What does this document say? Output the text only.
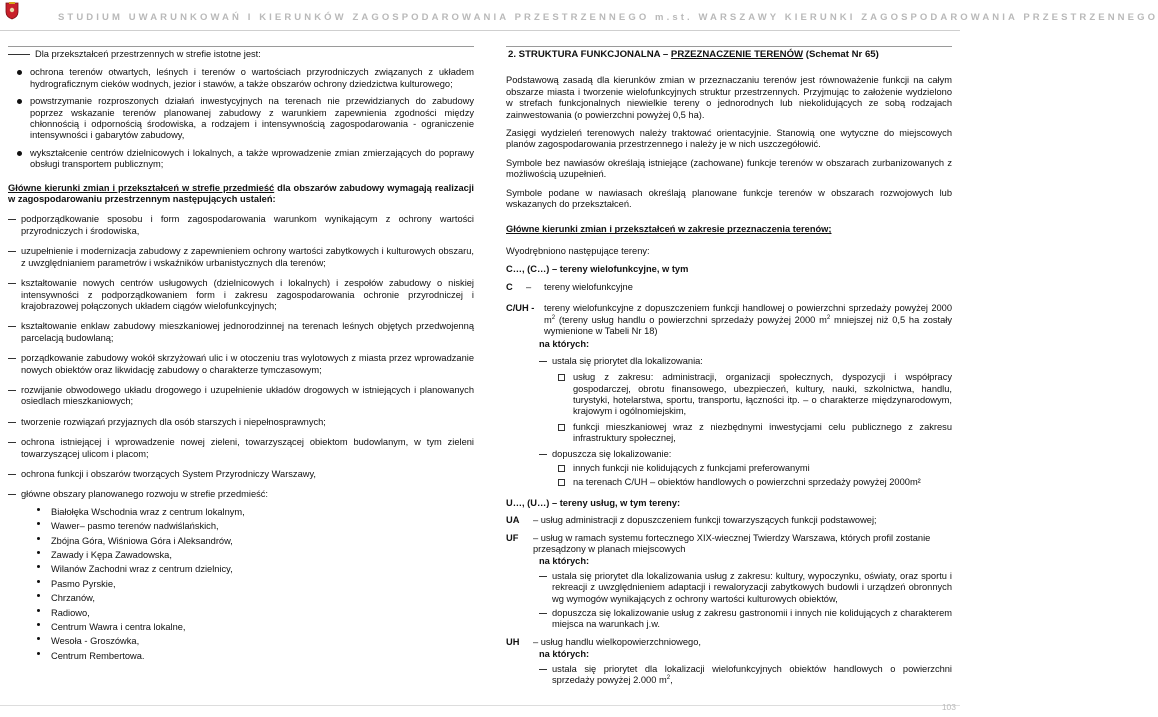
STUDIUM UWARUNKOWAŃ I KIERUNKÓW ZAGOSPODAROWANIA PRZESTRZENNEGO m.st. WARSZAWY KIERUNKI ZAGOSPODAROWANIA PRZESTRZENNEGO
Dla przekształceń przestrzennych w strefie istotne jest:
ochrona terenów otwartych, leśnych i terenów o wartościach przyrodniczych związanych z układem hydrograficznym cieków wodnych, jezior i stawów, a także obszarów ochrony dziedzictwa kulturowego;
powstrzymanie rozproszonych działań inwestycyjnych na terenach nie przewidzianych do zabudowy poprzez wskazanie terenów planowanej zabudowy z warunkiem zapewnienia zgodności między chłonnością i odpornością środowiska, a rodzajem i intensywnością zagospodarowania - ograniczenie intensywności i gabarytów zabudowy,
wykształcenie centrów dzielnicowych i lokalnych, a także wprowadzenie zmian zmierzających do poprawy obsługi transportem publicznym;

Główne kierunki zmian i przekształceń w strefie przedmieść dla obszarów zabudowy wymagają realizacji w zagospodarowaniu przestrzennym następujących ustaleń:

podporządkowanie sposobu i form zagospodarowania warunkom wynikającym z ochrony wartości przyrodniczych i środowiska,
uzupełnienie i modernizacja zabudowy z zapewnieniem ochrony wartości zabytkowych i kulturowych obszaru, z uwzględnianiem parametrów i wskaźników urbanistycznych dla terenów;
kształtowanie nowych centrów usługowych (dzielnicowych i lokalnych) i zespołów zabudowy o niskiej intensywności z podporządkowaniem form i zakresu zagospodarowania ochronie przyrodniczej i krajobrazowej połączonych układem ciągów wielofunkcyjnych;
kształtowanie enklaw zabudowy mieszkaniowej jednorodzinnej na terenach leśnych objętych przedwojenną parcelacją budowlaną;
porządkowanie zabudowy wokół skrzyżowań ulic i w otoczeniu tras wylotowych z miasta przez wprowadzanie nowych obiektów oraz likwidację zabudowy o charakterze tymczasowym;
rozwijanie obwodowego układu drogowego i uzupełnienie układów drogowych w istniejących i planowanych osiedlach mieszkaniowych;
tworzenie rozwiązań przyjaznych dla osób starszych i niepełnosprawnych;
ochrona istniejącej i wprowadzenie nowej zieleni, towarzyszącej obiektom budowlanym, w tym zieleni towarzyszącej ulicom i placom;
ochrona funkcji i obszarów tworzących System Przyrodniczy Warszawy,
główne obszary planowanego rozwoju w strefie przedmieść:
Białołęka Wschodnia wraz z centrum lokalnym,
Wawer– pasmo terenów nadwiślańskich,
Zbójna Góra, Wiśniowa Góra i Aleksandrów,
Zawady i Kępa Zawadowska,
Wilanów Zachodni wraz z centrum dzielnicy,
Pasmo Pyrskie,
Chrzanów,
Radiowo,
Centrum Wawra i centra lokalne,
Wesoła - Groszówka,
Centrum Rembertowa.
2. STRUKTURA FUNKCJONALNA – PRZEZNACZENIE TERENÓW (Schemat Nr 65)

Podstawową zasadą dla kierunków zmian w przeznaczaniu terenów jest równoważenie funkcji na całym obszarze miasta i tworzenie wielofunkcyjnych struktur przestrzennych. Przyjmując to założenie wydzielono w strefach funkcjonalnych niewielkie tereny o jednorodnych lub niekolidujących ze sobą rodzajach zainwestowania (o powierzchni powyżej 0,5 ha).

Zasięgi wydzieleń terenowych należy traktować orientacyjnie. Stanowią one wytyczne do miejscowych planów zagospodarowania przestrzennego i należy je w nich uszczegółowić.

Symbole bez nawiasów określają istniejące (zachowane) funkcje terenów w obszarach zurbanizowanych z możliwością uzupełnień.

Symbole podane w nawiasach określają planowane funkcje terenów w obszarach rozwojowych lub wskazanych do przekształceń.

Główne kierunki zmian i przekształceń w zakresie przeznaczenia terenów;

Wyodrębniono następujące tereny:

C…, (C…) – tereny wielofunkcyjne, w tym

C – tereny wielofunkcyjne
C/UH - tereny wielofunkcyjne z dopuszczeniem funkcji handlowej o powierzchni sprzedaży powyżej 2000 $m^2$ (tereny usług handlu o powierzchni sprzedaży powyżej 2000 $m^2$ mniejszej niż 0,5 ha zostały wymienione w Tabeli Nr 18)

na których:

ustala się priorytet dla lokalizowania:
usług z zakresu: administracji, organizacji społecznych, dyspozycji i współpracy gospodarczej, obrotu finansowego, ubezpieczeń, kultury, nauki, szkolnictwa, handlu, turystyki, hotelarstwa, sportu, transportu, łączności itp. – o charakterze międzynarodowym, krajowym i ogólnomiejskim,
funkcji mieszkaniowej wraz z niezbędnymi inwestycjami celu publicznego z zakresu infrastruktury społecznej,
dopuszcza się lokalizowanie:
innych funkcji nie kolidujących z funkcjami preferowanymi
na terenach C/UH – obiektów handlowych o powierzchni sprzedaży powyżej 2000m²

U…, (U…) – tereny usług, w tym tereny:

UA – usług administracji z dopuszczeniem funkcji towarzyszących funkcji podstawowej;
UF – usług w ramach systemu fortecznego XIX-wiecznej Twierdzy Warszawa, których profil zostanie przesądzony w planach miejscowych

na których:

ustala się priorytet dla lokalizowania usług z zakresu: kultury, wypoczynku, oświaty, oraz sportu i rekreacji z uwzględnieniem adaptacji i rewaloryzacji zabytkowych budowli i urządzeń obronnych wg wymogów wynikających z ochrony wartości kulturowych obiektów,
dopuszcza się lokalizowanie usług z zakresu gastronomii i innych nie kolidujących z charakterem miejsca na warunkach j.w.
UH – usług handlu wielkopowierzchniowego,

na których:

ustala się priorytet dla lokalizacji wielofunkcyjnych obiektów handlowych o powierzchni sprzedaży powyżej 2.000 $m^2$,
103
